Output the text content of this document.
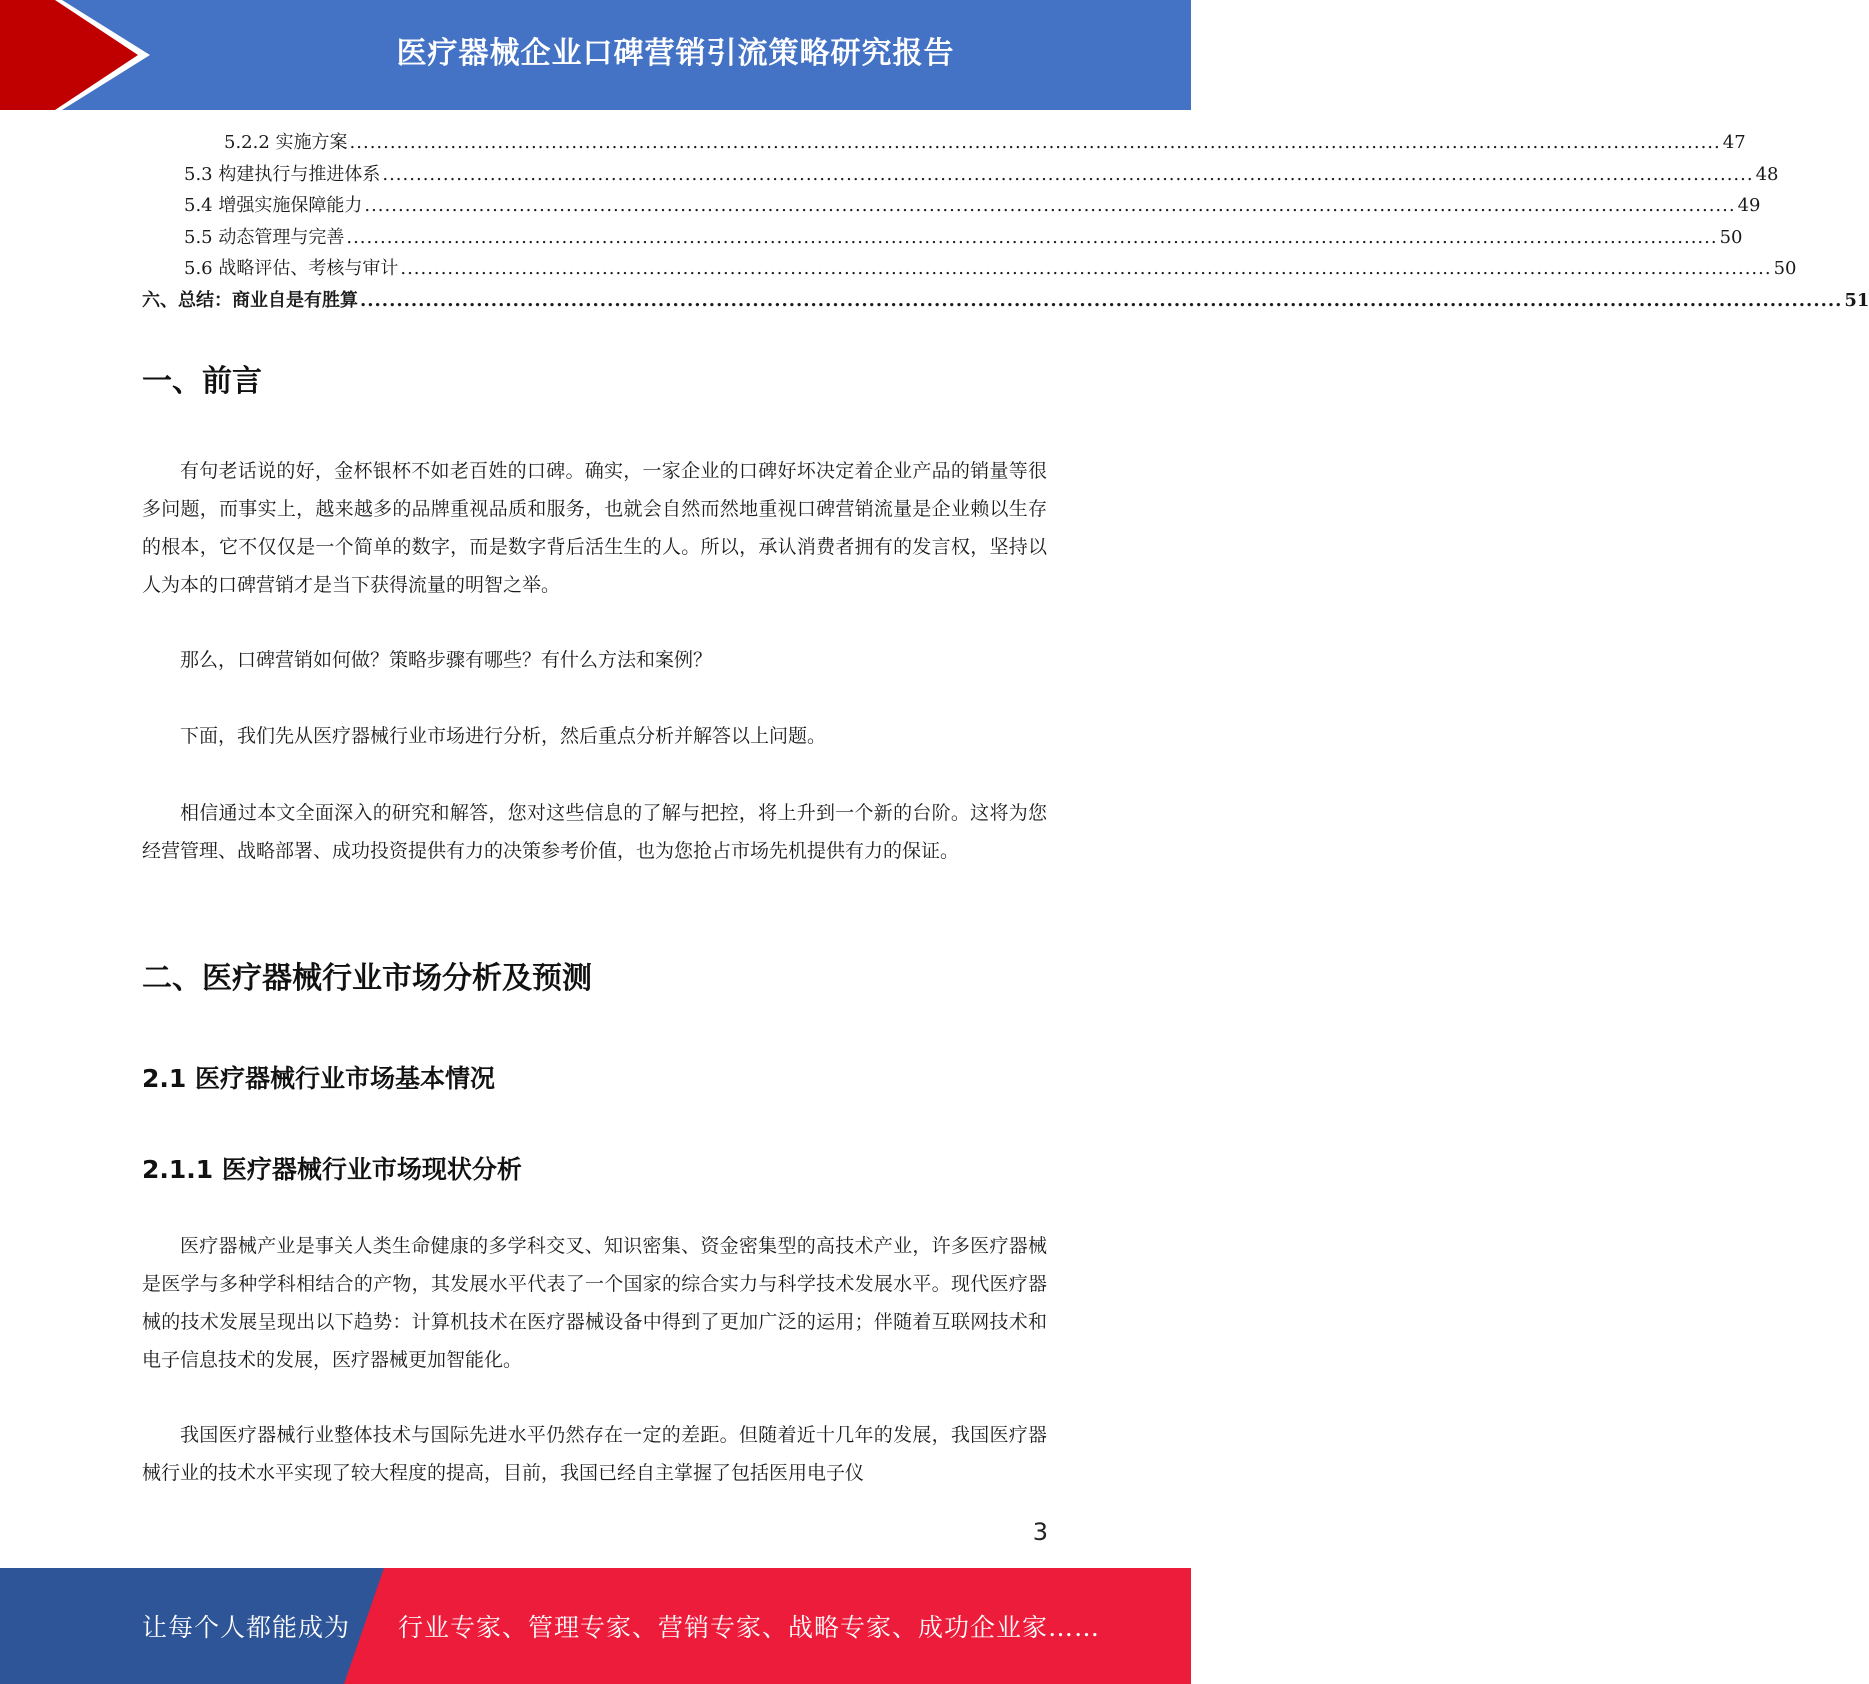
医疗器械企业口碑营销引流策略研究报告
5.2.2 实施方案 ............................................................................................................................................................................................................ 47
5.3 构建执行与推进体系 ............................................................................................................................................................................................................ 48
5.4 增强实施保障能力 ............................................................................................................................................................................................................ 49
5.5 动态管理与完善 ............................................................................................................................................................................................................ 50
5.6 战略评估、考核与审计 ............................................................................................................................................................................................................ 50
六、总结：商业自是有胜算 ............................................................................................................................................................................................................ 51
一、前言
有句老话说的好，金杯银杯不如老百姓的口碑。确实，一家企业的口碑好坏决定着企业产品的销量等很多问题，而事实上，越来越多的品牌重视品质和服务，也就会自然而然地重视口碑营销流量是企业赖以生存的根本，它不仅仅是一个简单的数字，而是数字背后活生生的人。所以，承认消费者拥有的发言权，坚持以人为本的口碑营销才是当下获得流量的明智之举。
那么，口碑营销如何做？策略步骤有哪些？有什么方法和案例？
下面，我们先从医疗器械行业市场进行分析，然后重点分析并解答以上问题。
相信通过本文全面深入的研究和解答，您对这些信息的了解与把控，将上升到一个新的台阶。这将为您经营管理、战略部署、成功投资提供有力的决策参考价值，也为您抢占市场先机提供有力的保证。
二、医疗器械行业市场分析及预测
2.1 医疗器械行业市场基本情况
2.1.1 医疗器械行业市场现状分析
医疗器械产业是事关人类生命健康的多学科交叉、知识密集、资金密集型的高技术产业，许多医疗器械是医学与多种学科相结合的产物，其发展水平代表了一个国家的综合实力与科学技术发展水平。现代医疗器械的技术发展呈现出以下趋势：计算机技术在医疗器械设备中得到了更加广泛的运用；伴随着互联网技术和电子信息技术的发展，医疗器械更加智能化。
我国医疗器械行业整体技术与国际先进水平仍然存在一定的差距。但随着近十几年的发展，我国医疗器械行业的技术水平实现了较大程度的提高，目前，我国已经自主掌握了包括医用电子仪
3
让每个人都能成为 行业专家、管理专家、营销专家、战略专家、成功企业家……
